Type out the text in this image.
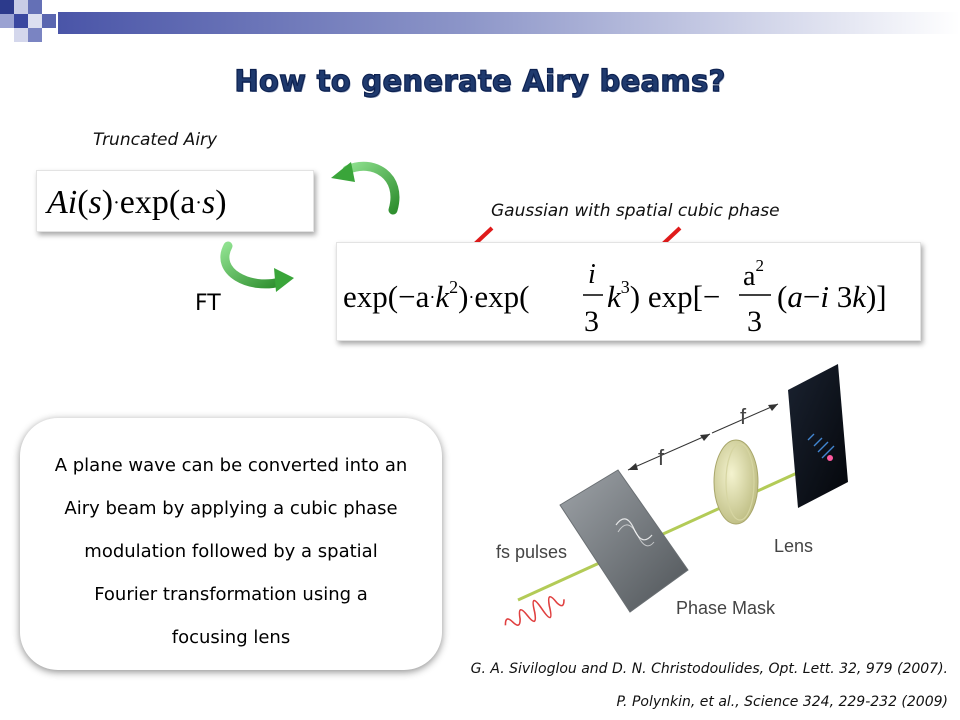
How to generate Airy beams?
Truncated Airy
Ai(s)·exp(a·s)
FT
Gaussian with spatial cubic phase
$\exp(-a\cdot k^2)\cdot\exp$(
i
3
$k^3$) exp[−
$a^2$
3
(a−i 3k)]
A plane wave can be converted into an
Airy beam by applying a cubic phase
modulation followed by a spatial
Fourier transformation using a
focusing lens
f
f
fs pulses	Lens
Phase Mask
G. A. Siviloglou and D. N. Christodoulides, Opt. Lett. 32, 979 (2007).
P. Polynkin, et al., Science 324, 229-232 (2009)
